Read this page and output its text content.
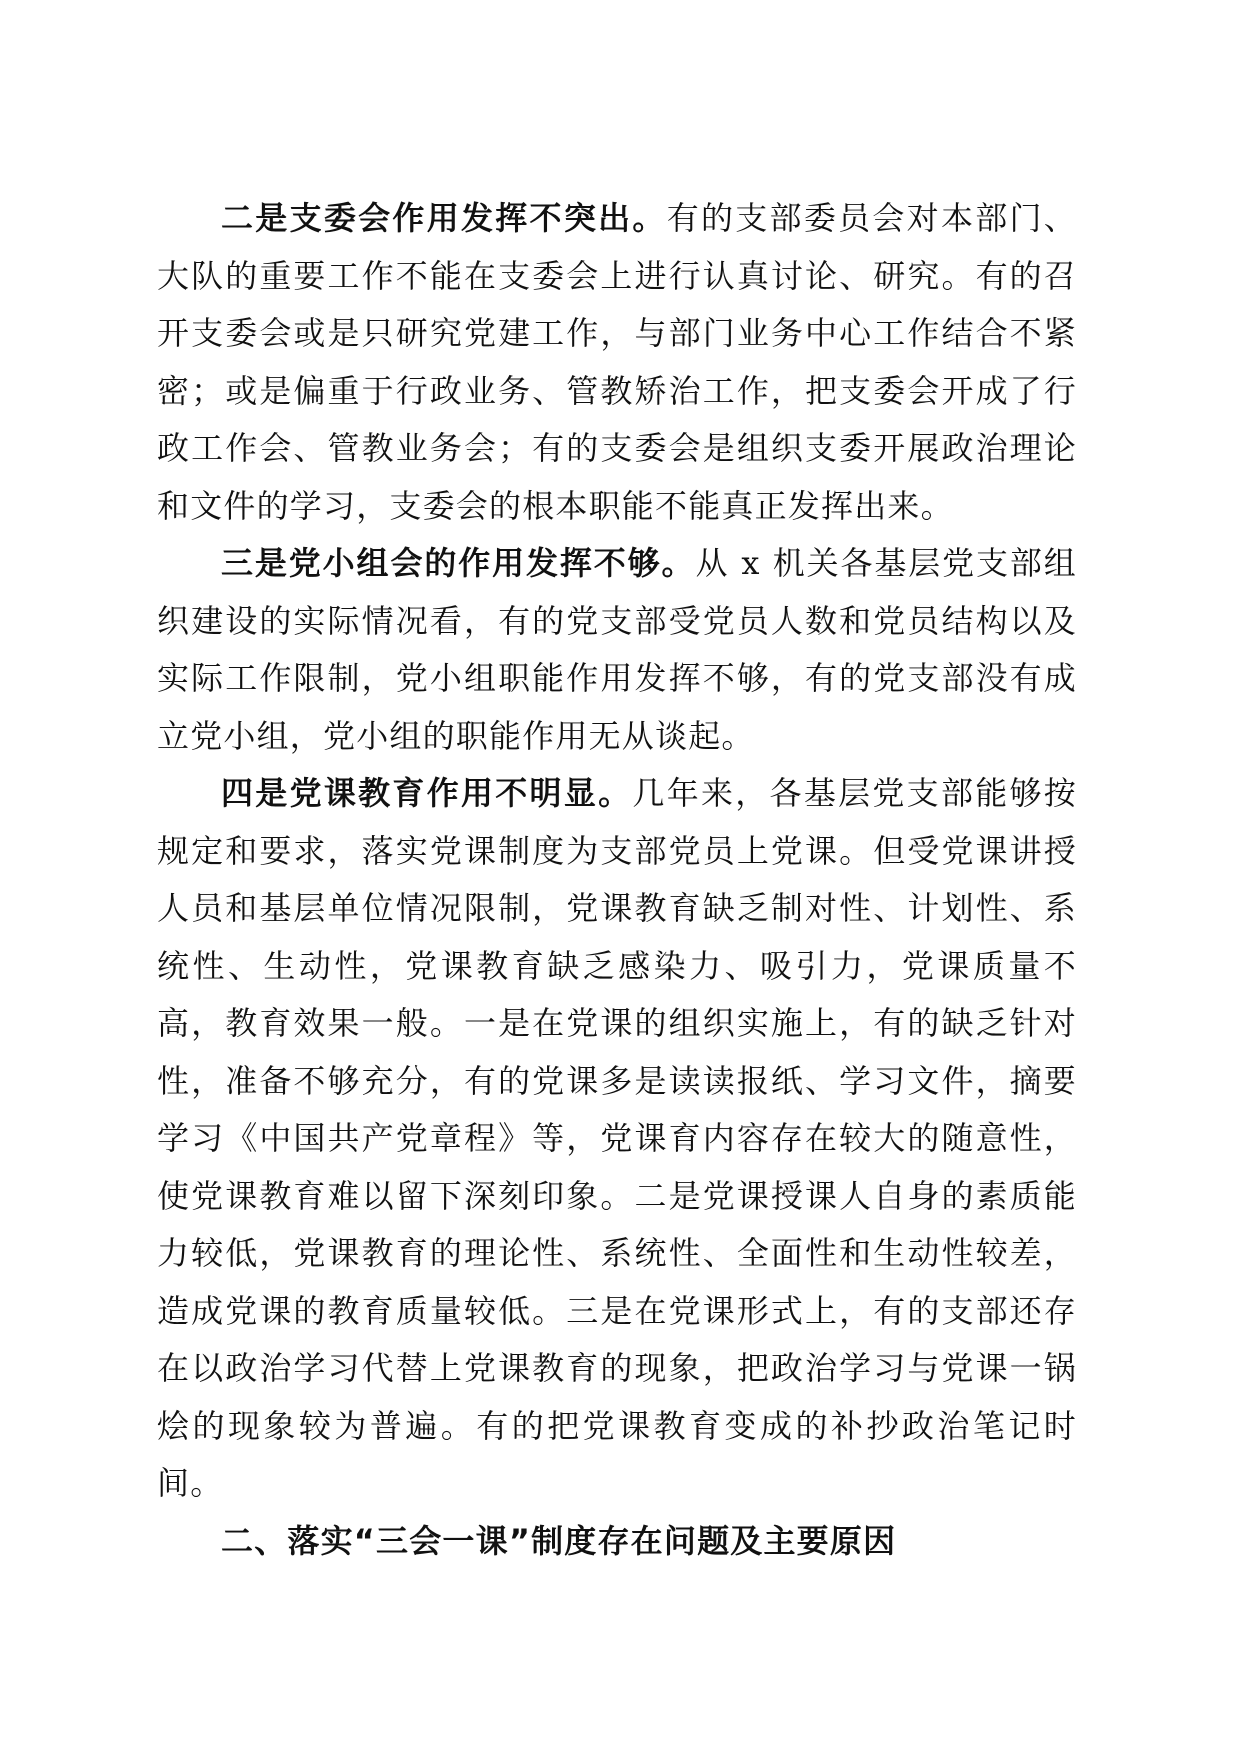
二是支委会作用发挥不突出。有的支部委员会对本部门、大队的重要工作不能在支委会上进行认真讨论、研究。有的召开支委会或是只研究党建工作，与部门业务中心工作结合不紧密；或是偏重于行政业务、管教矫治工作，把支委会开成了行政工作会、管教业务会；有的支委会是组织支委开展政治理论和文件的学习，支委会的根本职能不能真正发挥出来。

三是党小组会的作用发挥不够。从 x 机关各基层党支部组织建设的实际情况看，有的党支部受党员人数和党员结构以及实际工作限制，党小组职能作用发挥不够，有的党支部没有成立党小组，党小组的职能作用无从谈起。

四是党课教育作用不明显。几年来，各基层党支部能够按规定和要求，落实党课制度为支部党员上党课。但受党课讲授人员和基层单位情况限制，党课教育缺乏制对性、计划性、系统性、生动性，党课教育缺乏感染力、吸引力，党课质量不高，教育效果一般。一是在党课的组织实施上，有的缺乏针对性，准备不够充分，有的党课多是读读报纸、学习文件，摘要学习《中国共产党章程》等，党课育内容存在较大的随意性，使党课教育难以留下深刻印象。二是党课授课人自身的素质能力较低，党课教育的理论性、系统性、全面性和生动性较差，造成党课的教育质量较低。三是在党课形式上，有的支部还存在以政治学习代替上党课教育的现象，把政治学习与党课一锅烩的现象较为普遍。有的把党课教育变成的补抄政治笔记时间。

二、落实“三会一课”制度存在问题及主要原因
